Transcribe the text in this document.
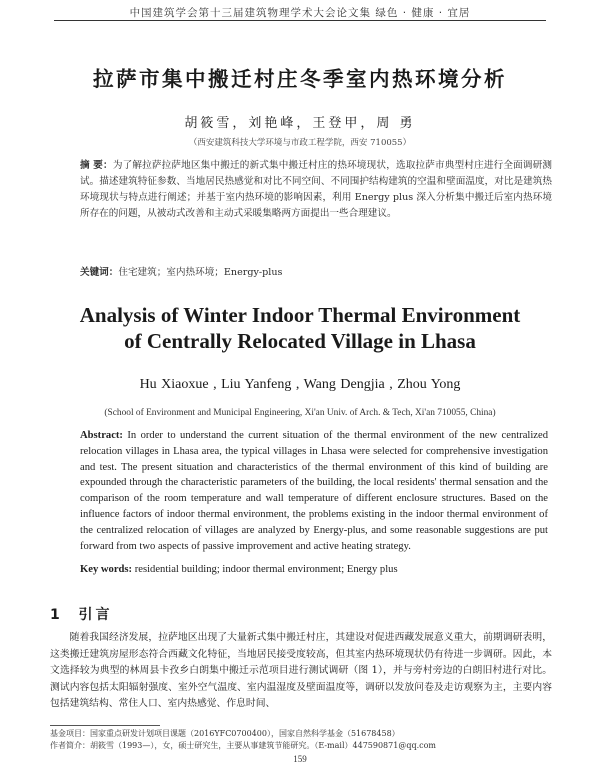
中国建筑学会第十三届建筑物理学术大会论文集 绿色 · 健康 · 宜居
拉萨市集中搬迁村庄冬季室内热环境分析
胡筱雪，刘艳峰，王登甲，周 勇
（西安建筑科技大学环境与市政工程学院，西安 710055）
摘 要：为了解拉萨拉萨地区集中搬迁的新式集中搬迁村庄的热环境现状，选取拉萨市典型村庄进行全面调研测试。描述建筑特征参数、当地居民热感觉和对比不同空间、不同围护结构建筑的空温和壁面温度，对比是建筑热环境现状与特点进行阐述；并基于室内热环境的影响因素，利用 Energy plus 深入分析集中搬迁后室内热环境所存在的问题，从被动式改善和主动式采暖集略两方面提出一些合理建议。
关键词：住宅建筑；室内热环境；Energy-plus
Analysis of Winter Indoor Thermal Environment
of Centrally Relocated Village in Lhasa
Hu Xiaoxue , Liu Yanfeng , Wang Dengjia , Zhou Yong
(School of Environment and Municipal Engineering, Xi'an Univ. of Arch. & Tech, Xi'an 710055, China)
Abstract: In order to understand the current situation of the thermal environment of the new centralized relocation villages in Lhasa area, the typical villages in Lhasa were selected for comprehensive investigation and test. The present situation and characteristics of the thermal environment of this kind of building are expounded through the characteristic parameters of the building, the local residents' thermal sensation and the comparison of the room temperature and wall temperature of different enclosure structures. Based on the influence factors of indoor thermal environment, the problems existing in the indoor thermal environment of the centralized relocation of villages are analyzed by Energy-plus, and some reasonable suggestions are put forward from two aspects of passive improvement and active heating strategy.
Key words: residential building; indoor thermal environment; Energy plus
1 引言
随着我国经济发展，拉萨地区出现了大量新式集中搬迁村庄，其建设对促进西藏发展意义重大，前期调研表明，这类搬迁建筑房屋形态符合西藏文化特征，当地居民接受度较高，但其室内热环境现状仍有待进一步调研。因此，本文选择较为典型的林周县卡孜乡白朗集中搬迁示范项目进行测试调研（图 1），并与旁村旁边的白朗旧村进行对比。测试内容包括太阳辐射强度、室外空气温度、室内温湿度及壁面温度等，调研以发放问卷及走访观察为主，主要内容包括建筑结构、常住人口、室内热感觉、作息时间、
基金项目：国家重点研发计划项目课题（2016YFC0700400），国家自然科学基金（51678458）
作者简介：胡筱雪（1993—），女，硕士研究生，主要从事建筑节能研究。（E-mail）447590871@qq.com
159
